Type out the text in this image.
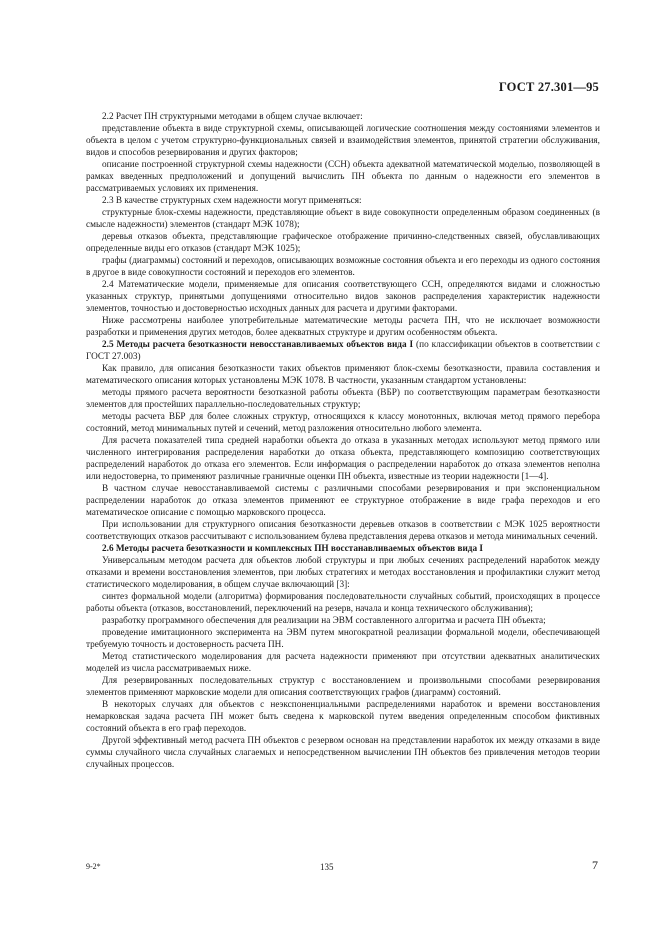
ГОСТ 27.301—95

2.2 Расчет ПН структурными методами в общем случае включает:

представление объекта в виде структурной схемы, описывающей логические соотношения между состояниями элементов и объекта в целом с учетом структурно-функциональных связей и взаимодействия элементов, принятой стратегии обслуживания, видов и способов резервирования и других факторов;

описание построенной структурной схемы надежности (ССН) объекта адекватной математической моделью, позволяющей в рамках введенных предположений и допущений вычислить ПН объекта по данным о надежности его элементов в рассматриваемых условиях их применения.

2.3 В качестве структурных схем надежности могут применяться:

структурные блок-схемы надежности, представляющие объект в виде совокупности определенным образом соединенных (в смысле надежности) элементов (стандарт МЭК 1078);

деревья отказов объекта, представляющие графическое отображение причинно-следственных связей, обуславливающих определенные виды его отказов (стандарт МЭК 1025);

графы (диаграммы) состояний и переходов, описывающих возможные состояния объекта и его переходы из одного состояния в другое в виде совокупности состояний и переходов его элементов.

2.4 Математические модели, применяемые для описания соответствующего ССН, определяются видами и сложностью указанных структур, принятыми допущениями относительно видов законов распределения характеристик надежности элементов, точностью и достоверностью исходных данных для расчета и другими факторами.

Ниже рассмотрены наиболее употребительные математические методы расчета ПН, что не исключает возможности разработки и применения других методов, более адекватных структуре и другим особенностям объекта.

2.5 Методы расчета безотказности невосстанавливаемых объектов вида I (по классификации объектов в соответствии с ГОСТ 27.003)

Как правило, для описания безотказности таких объектов применяют блок-схемы безотказности, правила составления и математического описания которых установлены МЭК 1078. В частности, указанным стандартом установлены:

методы прямого расчета вероятности безотказной работы объекта (ВБР) по соответствующим параметрам безотказности элементов для простейших параллельно-последовательных структур;

методы расчета ВБР для более сложных структур, относящихся к классу монотонных, включая метод прямого перебора состояний, метод минимальных путей и сечений, метод разложения относительно любого элемента.

Для расчета показателей типа средней наработки объекта до отказа в указанных методах используют метод прямого или численного интегрирования распределения наработки до отказа объекта, представляющего композицию соответствующих распределений наработок до отказа его элементов. Если информация о распределении наработок до отказа элементов неполна или недостоверна, то применяют различные граничные оценки ПН объекта, известные из теории надежности [1—4].

В частном случае невосстанавливаемой системы с различными способами резервирования и при экспоненциальном распределении наработок до отказа элементов применяют ее структурное отображение в виде графа переходов и его математическое описание с помощью марковского процесса.

При использовании для структурного описания безотказности деревьев отказов в соответствии с МЭК 1025 вероятности соответствующих отказов рассчитывают с использованием булева представления дерева отказов и метода минимальных сечений.

2.6 Методы расчета безотказности и комплексных ПН восстанавливаемых объектов вида I

Универсальным методом расчета для объектов любой структуры и при любых сечениях распределений наработок между отказами и времени восстановления элементов, при любых стратегиях и методах восстановления и профилактики служит метод статистического моделирования, в общем случае включающий [3]:

синтез формальной модели (алгоритма) формирования последовательности случайных событий, происходящих в процессе работы объекта (отказов, восстановлений, переключений на резерв, начала и конца технического обслуживания);

разработку программного обеспечения для реализации на ЭВМ составленного алгоритма и расчета ПН объекта;

проведение имитационного эксперимента на ЭВМ путем многократной реализации формальной модели, обеспечивающей требуемую точность и достоверность расчета ПН.

Метод статистического моделирования для расчета надежности применяют при отсутствии адекватных аналитических моделей из числа рассматриваемых ниже.

Для резервированных последовательных структур с восстановлением и произвольными способами резервирования элементов применяют марковские модели для описания соответствующих графов (диаграмм) состояний.

В некоторых случаях для объектов с неэкспоненциальными распределениями наработок и времени восстановления немарковская задача расчета ПН может быть сведена к марковской путем введения определенным способом фиктивных состояний объекта в его граф переходов.

Другой эффективный метод расчета ПН объектов с резервом основан на представлении наработок их между отказами в виде суммы случайного числа случайных слагаемых и непосредственном вычислении ПН объектов без привлечения методов теории случайных процессов.

9-2*	135	7
